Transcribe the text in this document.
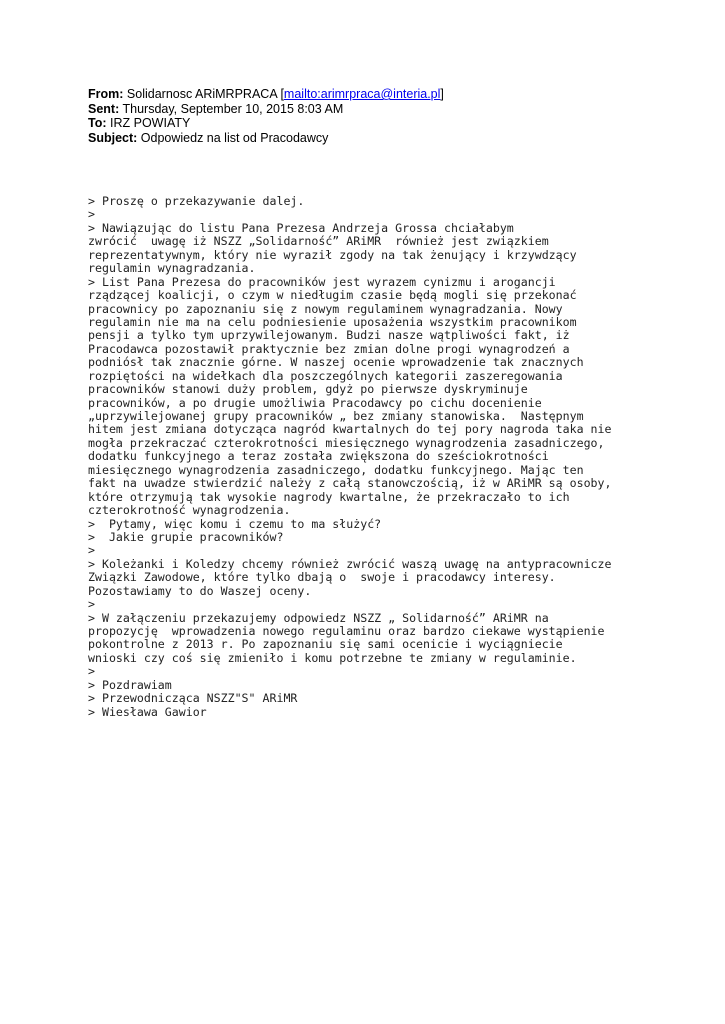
From: Solidarnosc ARiMRPRACA [mailto:arimrpraca@interia.pl]
Sent: Thursday, September 10, 2015 8:03 AM
To: IRZ POWIATY
Subject: Odpowiedz na list od Pracodawcy
> Proszę o przekazywanie dalej.
>
> Nawiązując do listu Pana Prezesa Andrzeja Grossa chciałabym
zwrócić  uwagę iż NSZZ „Solidarność” ARiMR  również jest związkiem
reprezentatywnym, który nie wyraził zgody na tak żenujący i krzywdzący
regulamin wynagradzania.
> List Pana Prezesa do pracowników jest wyrazem cynizmu i arogancji
rządzącej koalicji, o czym w niedługim czasie będą mogli się przekonać
pracownicy po zapoznaniu się z nowym regulaminem wynagradzania. Nowy
regulamin nie ma na celu podniesienie uposażenia wszystkim pracownikom
pensji a tylko tym uprzywilejowanym. Budzi nasze wątpliwości fakt, iż
Pracodawca pozostawił praktycznie bez zmian dolne progi wynagrodzeń a
podniósł tak znacznie górne. W naszej ocenie wprowadzenie tak znacznych
rozpiętości na widełkach dla poszczególnych kategorii zaszeregowania
pracowników stanowi duży problem, gdyż po pierwsze dyskryminuje
pracowników, a po drugie umożliwia Pracodawcy po cichu docenienie
„uprzywilejowanej grupy pracowników „ bez zmiany stanowiska.  Następnym
hitem jest zmiana dotycząca nagród kwartalnych do tej pory nagroda taka nie
mogła przekraczać czterokrotności miesięcznego wynagrodzenia zasadniczego,
dodatku funkcyjnego a teraz została zwiększona do sześciokrotności
miesięcznego wynagrodzenia zasadniczego, dodatku funkcyjnego. Mając ten
fakt na uwadze stwierdzić należy z całą stanowczością, iż w ARiMR są osoby,
które otrzymują tak wysokie nagrody kwartalne, że przekraczało to ich
czterokrotność wynagrodzenia.
>  Pytamy, więc komu i czemu to ma służyć?
>  Jakie grupie pracowników?
>
> Koleżanki i Koledzy chcemy również zwrócić waszą uwagę na antypracownicze
Związki Zawodowe, które tylko dbają o  swoje i pracodawcy interesy.
Pozostawiamy to do Waszej oceny.
>
> W załączeniu przekazujemy odpowiedz NSZZ „ Solidarność” ARiMR na
propozycję  wprowadzenia nowego regulaminu oraz bardzo ciekawe wystąpienie
pokontrolne z 2013 r. Po zapoznaniu się sami ocenicie i wyciągniecie
wnioski czy coś się zmieniło i komu potrzebne te zmiany w regulaminie.
>
> Pozdrawiam
> Przewodnicząca NSZZ"S" ARiMR
> Wiesława Gawior
